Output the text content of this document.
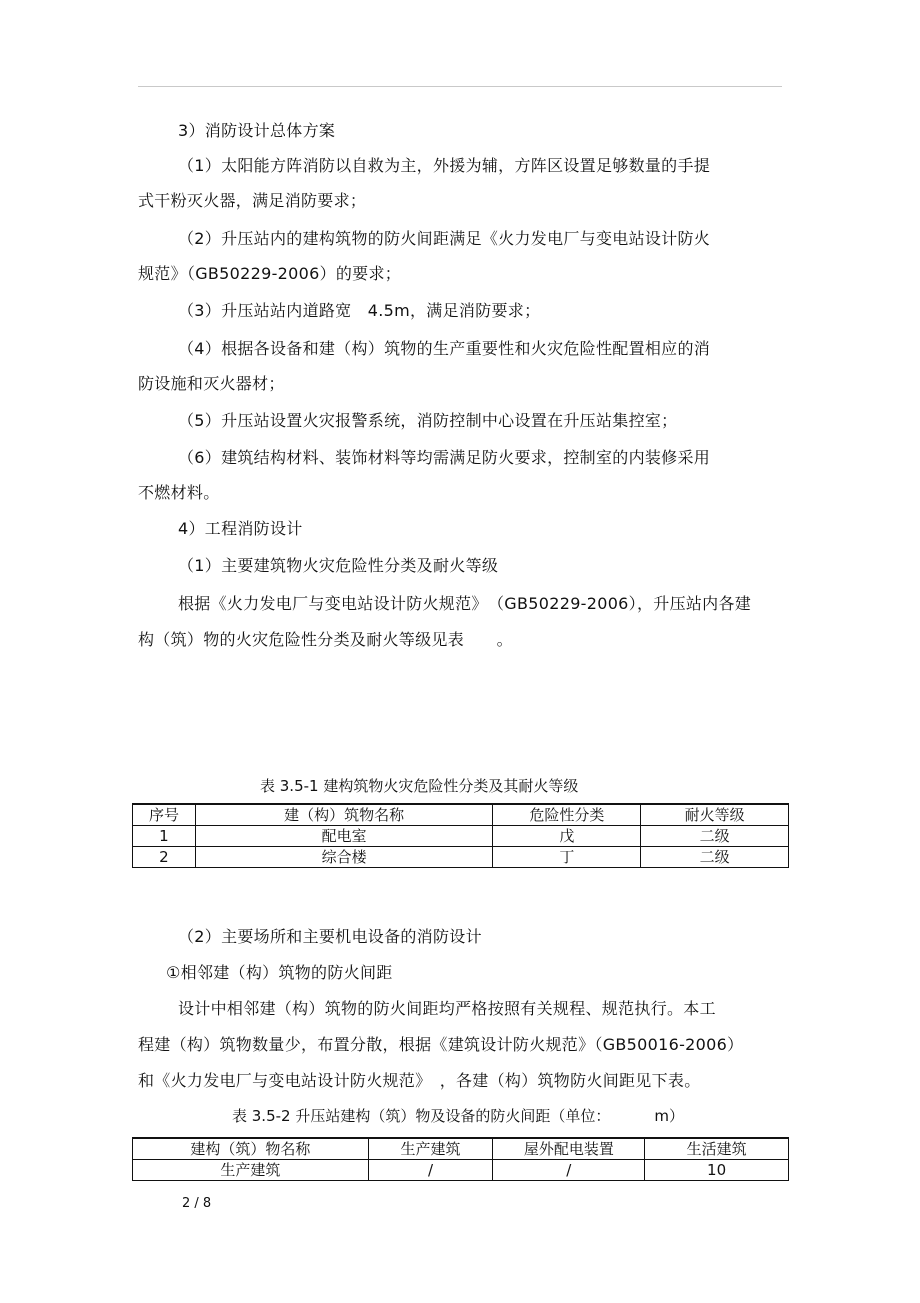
3）消防设计总体方案

（1）太阳能方阵消防以自救为主，外援为辅，方阵区设置足够数量的手提

式干粉灭火器，满足消防要求；

（2）升压站内的建构筑物的防火间距满足《火力发电厂与变电站设计防火

规范》（GB50229-2006）的要求；

（3）升压站站内道路宽　4.5m，满足消防要求；

（4）根据各设备和建（构）筑物的生产重要性和火灾危险性配置相应的消

防设施和灭火器材；

（5）升压站设置火灾报警系统，消防控制中心设置在升压站集控室；

（6）建筑结构材料、装饰材料等均需满足防火要求，控制室的内装修采用

不燃材料。

4）工程消防设计

（1）主要建筑物火灾危险性分类及耐火等级

根据《火力发电厂与变电站设计防火规范》　（GB50229-2006），升压站内各建

构（筑）物的火灾危险性分类及耐火等级见表　　。

表 3.5-1 建构筑物火灾危险性分类及其耐火等级

序号	建（构）筑物名称	危险性分类	耐火等级
1	配电室	戊	二级
2	综合楼	丁	二级

（2）主要场所和主要机电设备的消防设计

①相邻建（构）筑物的防火间距

设计中相邻建（构）筑物的防火间距均严格按照有关规程、规范执行。本工

程建（构）筑物数量少，布置分散，根据《建筑设计防火规范》（GB50016-2006）

和《火力发电厂与变电站设计防火规范》　，各建（构）筑物防火间距见下表。

表 3.5-2 升压站建构（筑）物及设备的防火间距（单位：	m）

建构（筑）物名称	生产建筑	屋外配电装置	生活建筑
生产建筑	/	/	10

2 / 8
